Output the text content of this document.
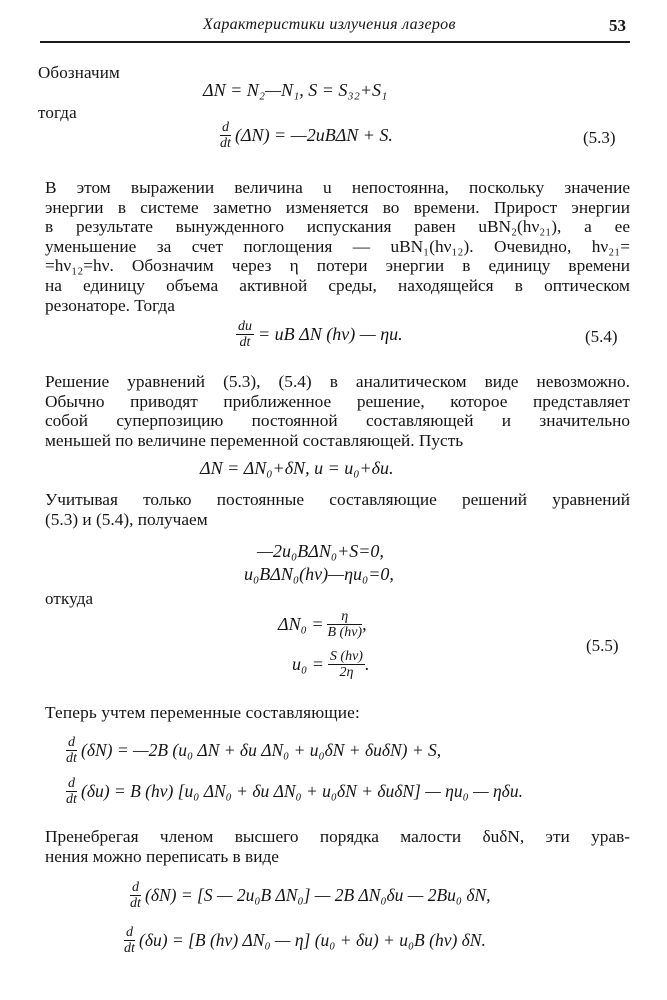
Характеристики излучения лазеров	53
Обозначим
ΔN = N₂—N₁, S = S₃₂+S₁
тогда
$\frac{d}{dt} (\Delta N)$ = —2uBΔN + S.	(5.3)
В этом выражении величина u непостоянна, поскольку значение
энергии в системе заметно изменяется во времени. Прирост энергии
в результате вынужденного испускания равен uBN₂(hν₂₁), а ее
уменьшение за счет поглощения — uBN₁(hν₁₂). Очевидно, hν₂₁=
=hν₁₂=hν. Обозначим через η потери энергии в единицу времени
на единицу объема активной среды, находящейся в оптическом
резонаторе. Тогда
$\frac{du}{dt}$ = uB ΔN (hν) — ηu.	(5.4)
Решение уравнений (5.3), (5.4) в аналитическом виде невозможно.
Обычно приводят приближенное решение, которое представляет
собой суперпозицию постоянной составляющей и значительно
меньшей по величине переменной составляющей. Пусть
ΔN = ΔN₀+δN, u = u₀+δu.
Учитывая только постоянные составляющие решений уравнений
(5.3) и (5.4), получаем
—2u₀BΔN₀+S=0,
u₀BΔN₀(hν)—ηu₀=0,
откуда
$\Delta N_0 = \frac{\eta}{B (h\nu)}$ ,
$u_0 = \frac{S (h\nu)}{2\eta}$ .
(5.5)
Теперь учтем переменные составляющие:
$\frac{d}{dt} (\delta N)$ = —2B (u₀ ΔN + δu ΔN₀ + u₀δN + δuδN) + S,
$\frac{d}{dt} (\delta u) = B$ (hν) [u₀ ΔN₀ + δu ΔN₀ + u₀δN + δuδN] — ηu₀ — ηδu.
Пренебрегая членом высшего порядка малости δuδN, эти урав-
нения можно переписать в виде
$\frac{d}{dt} (\delta N) = [S$ — 2u₀B ΔN₀] — 2B ΔN₀δu — 2Bu₀ δN,
$\frac{d}{dt} (\delta u) = [B$ (hν) ΔN₀ — η] (u₀ + δu) + u₀B (hν) δN.
